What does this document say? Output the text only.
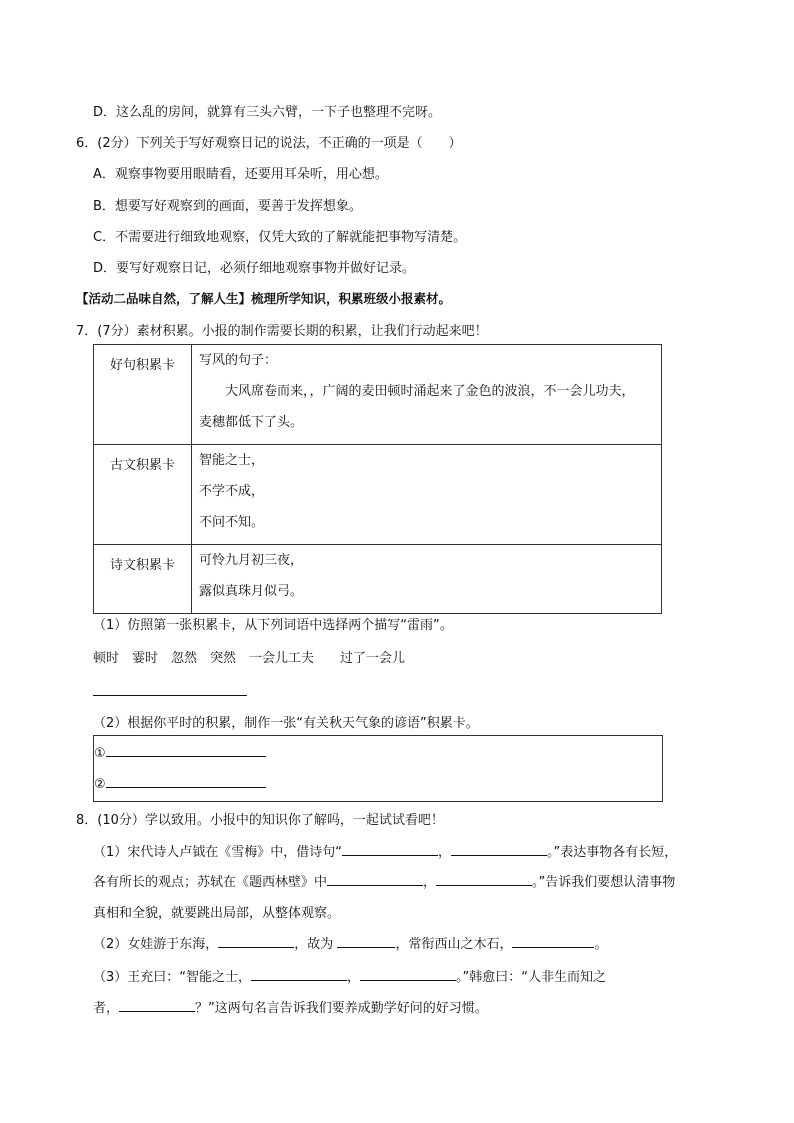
D．这么乱的房间，就算有三头六臂，一下子也整理不完呀。
6．(2分）下列关于写好观察日记的说法，不正确的一项是（　　）
A．观察事物要用眼睛看，还要用耳朵听，用心想。
B．想要写好观察到的画面，要善于发挥想象。
C．不需要进行细致地观察，仅凭大致的了解就能把事物写清楚。
D．要写好观察日记，必须仔细地观察事物并做好记录。
【活动二品味自然，了解人生】梳理所学知识，积累班级小报素材。
7．(7分）素材积累。小报的制作需要长期的积累，让我们行动起来吧！
好句积累卡	写风的句子：
　　大风席卷而来，，广阔的麦田顿时涌起来了金色的波浪，不一会儿功夫，
麦穗都低下了头。

古文积累卡	智能之士，
不学不成，
不问不知。

诗文积累卡	可怜九月初三夜，
露似真珠月似弓。
（1）仿照第一张积累卡，从下列词语中选择两个描写“雷雨”。
顿时　霎时　忽然　突然　一会儿工夫　　过了一会儿
（2）根据你平时的积累，制作一张“有关秋天气象的谚语”积累卡。
①
②
8．(10分）学以致用。小报中的知识你了解吗，一起试试看吧！
（1）宋代诗人卢钺在《雪梅》中，借诗句“	，	。”表达事物各有长短，
各有所长的观点；苏轼在《题西林壁》中	，	。”告诉我们要想认清事物
真相和全貌，就要跳出局部，从整体观察。
（2）女娃游于东海，	，故为	，常衔西山之木石，	。
（3）王充曰：“智能之士，	，	。”韩愈曰：“人非生而知之
者，	？”这两句名言告诉我们要养成勤学好问的好习惯。
